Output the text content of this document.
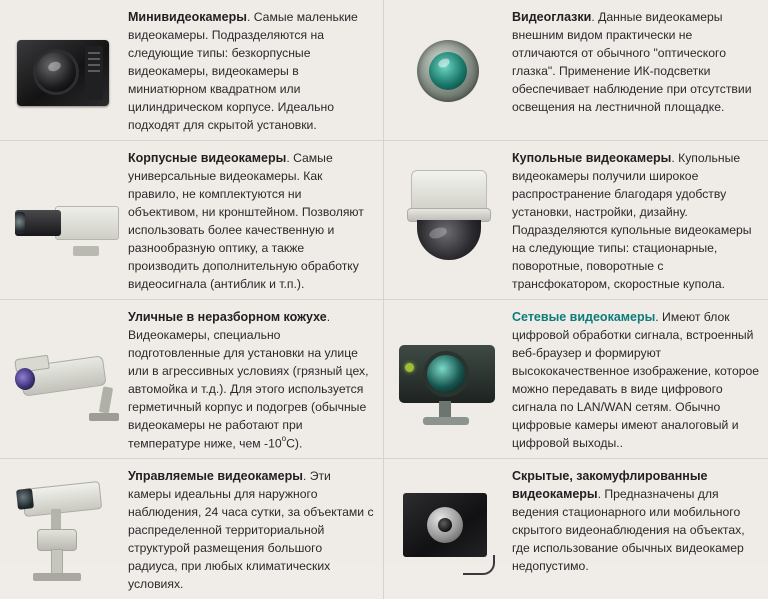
Минивидеокамеры. Самые маленькие видеокамеры. Подразделяются на следующие типы: безкорпусные видеокамеры, видеокамеры в миниатюрном квадратном или цилиндрическом корпусе. Идеально подходят для скрытой установки.
Видеоглазки. Данные видеокамеры внешним видом практически не отличаются от обычного "оптического глазка". Применение ИК-подсветки обеспечивает наблюдение при отсутствии освещения на лестничной площадке.
Корпусные видеокамеры. Самые универсальные видеокамеры. Как правило, не комплектуются ни объективом, ни кронштейном. Позволяют использовать более качественную и разнообразную оптику, а также производить дополнительную обработку видеосигнала (антиблик и т.п.).
Купольные видеокамеры. Купольные видеокамеры получили широкое распространение благодаря удобству установки, настройки, дизайну. Подразделяются купольные видеокамеры на следующие типы: стационарные, поворотные, поворотные с трансфокатором, скоростные купола.
Уличные в неразборном кожухе. Видеокамеры, специально подготовленные для установки на улице или в агрессивных условиях (грязный цех, автомойка и т.д.). Для этого используется герметичный корпус и подогрев (обычные видеокамеры не работают при температуре ниже, чем -10$^o$С).
Сетевые видеокамеры. Имеют блок цифровой обработки сигнала, встроенный веб-браузер и формируют высококачественное изображение, которое можно передавать в виде цифрового сигнала по LAN/WAN сетям. Обычно цифровые камеры имеют аналоговый и цифровой выходы..
Управляемые видеокамеры. Эти камеры идеальны для наружного наблюдения, 24 часа сутки, за объектами с распределенной территориальной структурой размещения большого радиуса, при любых климатических условиях.
Скрытые, закомуфлированные видеокамеры. Предназначены для ведения стационарного или мобильного скрытого видеонаблюдения на объектах, где использование обычных видеокамер недопустимо.
